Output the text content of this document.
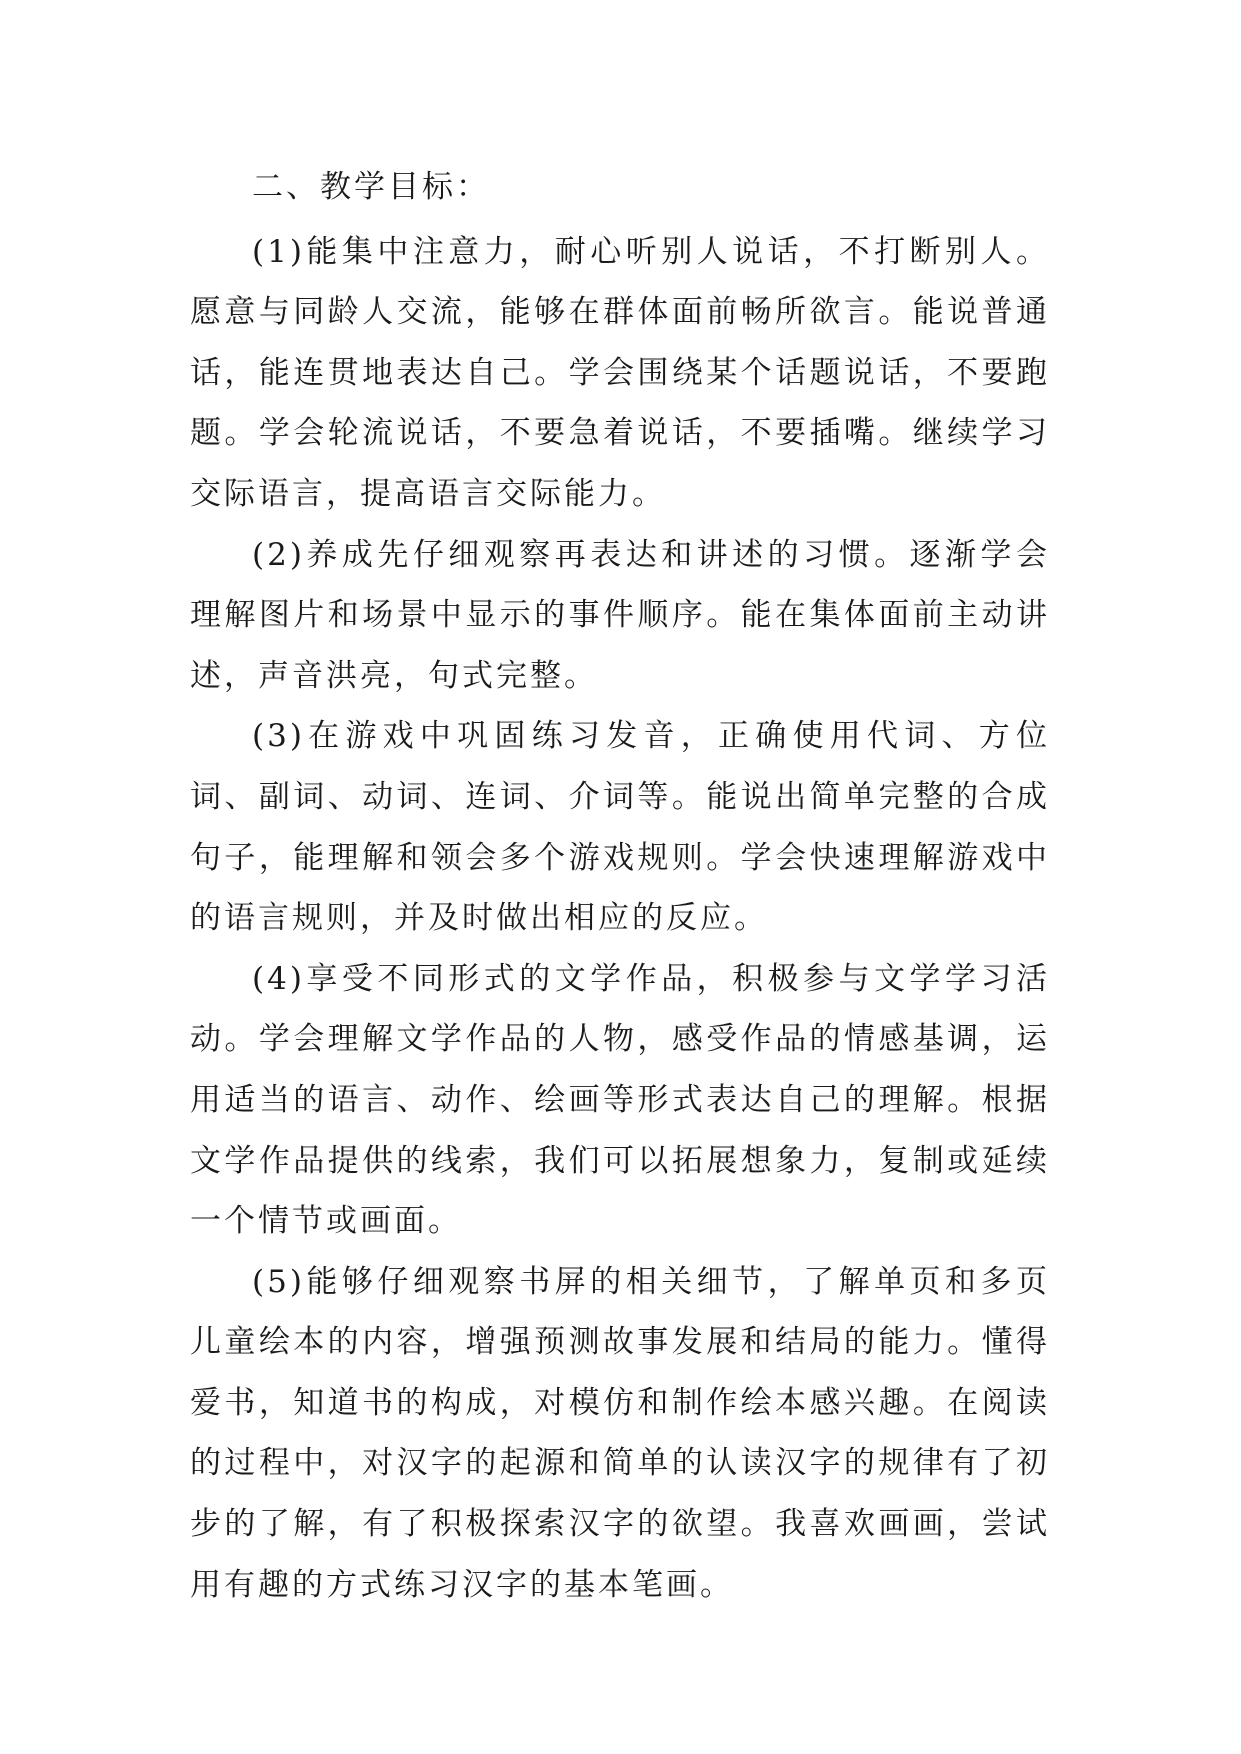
二、教学目标：

(1)能集中注意力，耐心听别人说话，不打断别人。愿意与同龄人交流，能够在群体面前畅所欲言。能说普通话，能连贯地表达自己。学会围绕某个话题说话，不要跑题。学会轮流说话，不要急着说话，不要插嘴。继续学习交际语言，提高语言交际能力。

(2)养成先仔细观察再表达和讲述的习惯。逐渐学会理解图片和场景中显示的事件顺序。能在集体面前主动讲述，声音洪亮，句式完整。

(3)在游戏中巩固练习发音，正确使用代词、方位词、副词、动词、连词、介词等。能说出简单完整的合成句子，能理解和领会多个游戏规则。学会快速理解游戏中的语言规则，并及时做出相应的反应。

(4)享受不同形式的文学作品，积极参与文学学习活动。学会理解文学作品的人物，感受作品的情感基调，运用适当的语言、动作、绘画等形式表达自己的理解。根据文学作品提供的线索，我们可以拓展想象力，复制或延续一个情节或画面。

(5)能够仔细观察书屏的相关细节，了解单页和多页儿童绘本的内容，增强预测故事发展和结局的能力。懂得爱书，知道书的构成，对模仿和制作绘本感兴趣。在阅读的过程中，对汉字的起源和简单的认读汉字的规律有了初步的了解，有了积极探索汉字的欲望。我喜欢画画，尝试用有趣的方式练习汉字的基本笔画。
